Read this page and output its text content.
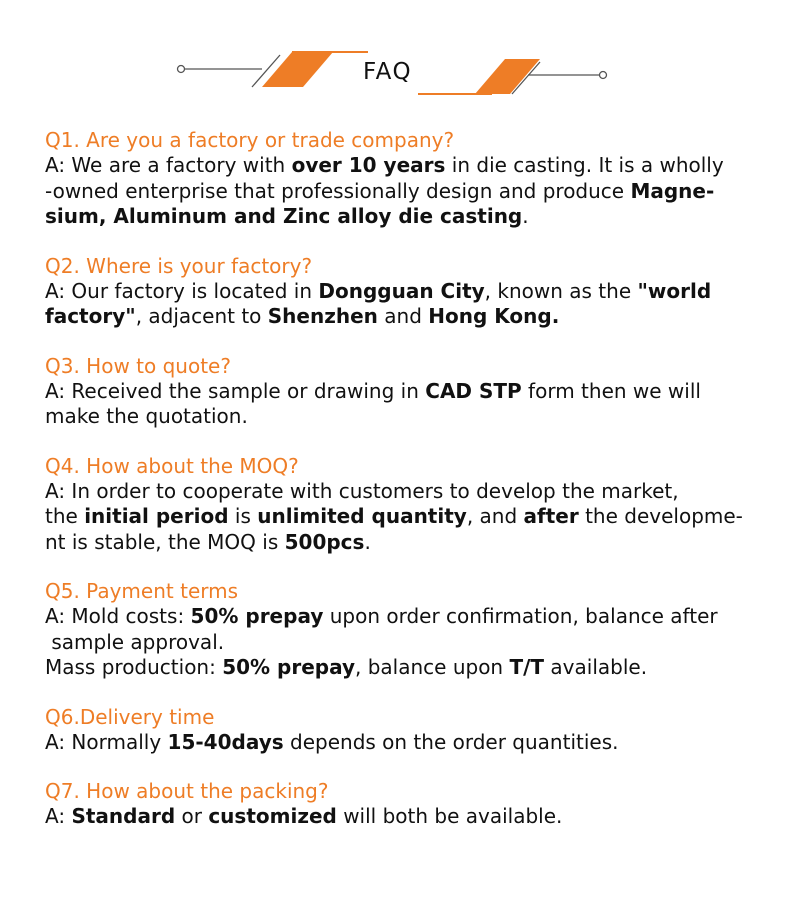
FAQ
Q1. Are you a factory or trade company?
A: We are a factory with over 10 years in die casting. It is a wholly
-owned enterprise that professionally design and produce Magne-
sium, Aluminum and Zinc alloy die casting.
Q2. Where is your factory?
A: Our factory is located in Dongguan City, known as the "world
factory", adjacent to Shenzhen and Hong Kong.
Q3. How to quote?
A: Received the sample or drawing in CAD STP form then we will
make the quotation.
Q4. How about the MOQ?
A: In order to cooperate with customers to develop the market,
the initial period is unlimited quantity, and after the developme-
nt is stable, the MOQ is 500pcs.
Q5. Payment terms
A: Mold costs: 50% prepay upon order confirmation, balance after
sample approval.
Mass production: 50% prepay, balance upon T/T available.
Q6.Delivery time
A: Normally 15-40days depends on the order quantities.
Q7. How about the packing?
A: Standard or customized will both be available.
